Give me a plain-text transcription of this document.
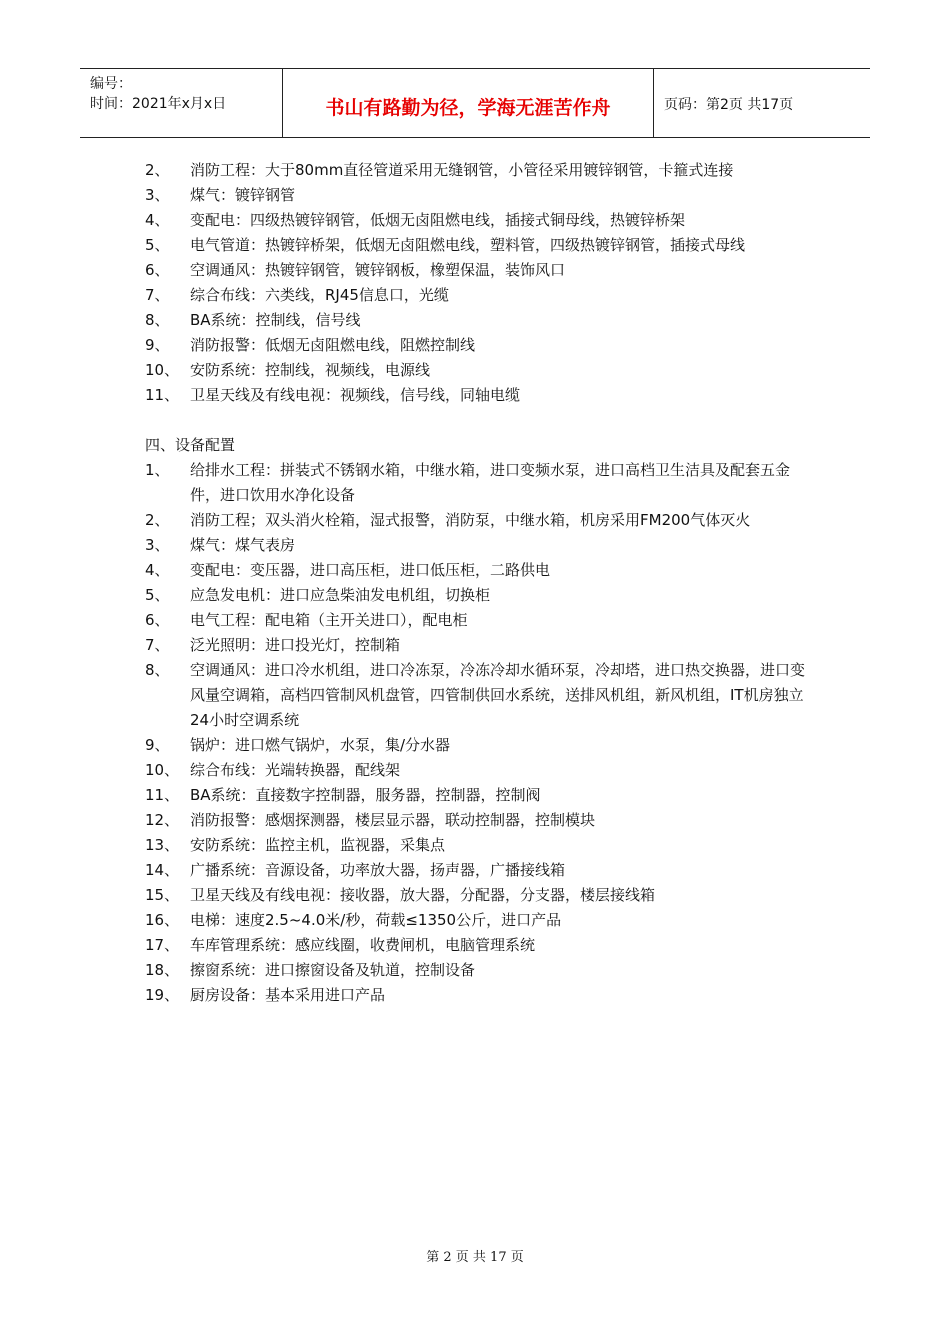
编号：
时间：2021年x月x日	书山有路勤为径，学海无涯苦作舟	页码：第2页 共17页
2、 消防工程：大于80mm直径管道采用无缝钢管，小管径采用镀锌钢管，卡箍式连接
3、 煤气：镀锌钢管
4、 变配电：四级热镀锌钢管，低烟无卤阻燃电线，插接式铜母线，热镀锌桥架
5、 电气管道：热镀锌桥架，低烟无卤阻燃电线，塑料管，四级热镀锌钢管，插接式母线
6、 空调通风：热镀锌钢管，镀锌钢板，橡塑保温，装饰风口
7、 综合布线：六类线，RJ45信息口，光缆
8、 BA系统：控制线，信号线
9、 消防报警：低烟无卤阻燃电线，阻燃控制线
10、 安防系统：控制线，视频线，电源线
11、 卫星天线及有线电视：视频线，信号线，同轴电缆
四、设备配置
1、 给排水工程：拼装式不锈钢水箱，中继水箱，进口变频水泵，进口高档卫生洁具及配套五金件，进口饮用水净化设备
2、 消防工程；双头消火栓箱，湿式报警，消防泵，中继水箱，机房采用FM200气体灭火
3、 煤气：煤气表房
4、 变配电：变压器，进口高压柜，进口低压柜，二路供电
5、 应急发电机：进口应急柴油发电机组，切换柜
6、 电气工程：配电箱（主开关进口），配电柜
7、 泛光照明：进口投光灯，控制箱
8、 空调通风：进口冷水机组，进口冷冻泵，冷冻冷却水循环泵，冷却塔，进口热交换器，进口变风量空调箱，高档四管制风机盘管，四管制供回水系统，送排风机组，新风机组，IT机房独立24小时空调系统
9、 锅炉：进口燃气锅炉，水泵，集/分水器
10、 综合布线：光端转换器，配线架
11、 BA系统：直接数字控制器，服务器，控制器，控制阀
12、 消防报警：感烟探测器，楼层显示器，联动控制器，控制模块
13、 安防系统：监控主机，监视器，采集点
14、 广播系统：音源设备，功率放大器，扬声器，广播接线箱
15、 卫星天线及有线电视：接收器，放大器，分配器，分支器，楼层接线箱
16、 电梯：速度2.5~4.0米/秒，荷载≤1350公斤，进口产品
17、 车库管理系统：感应线圈，收费闸机，电脑管理系统
18、 擦窗系统：进口擦窗设备及轨道，控制设备
19、 厨房设备：基本采用进口产品
第 2 页 共 17 页
